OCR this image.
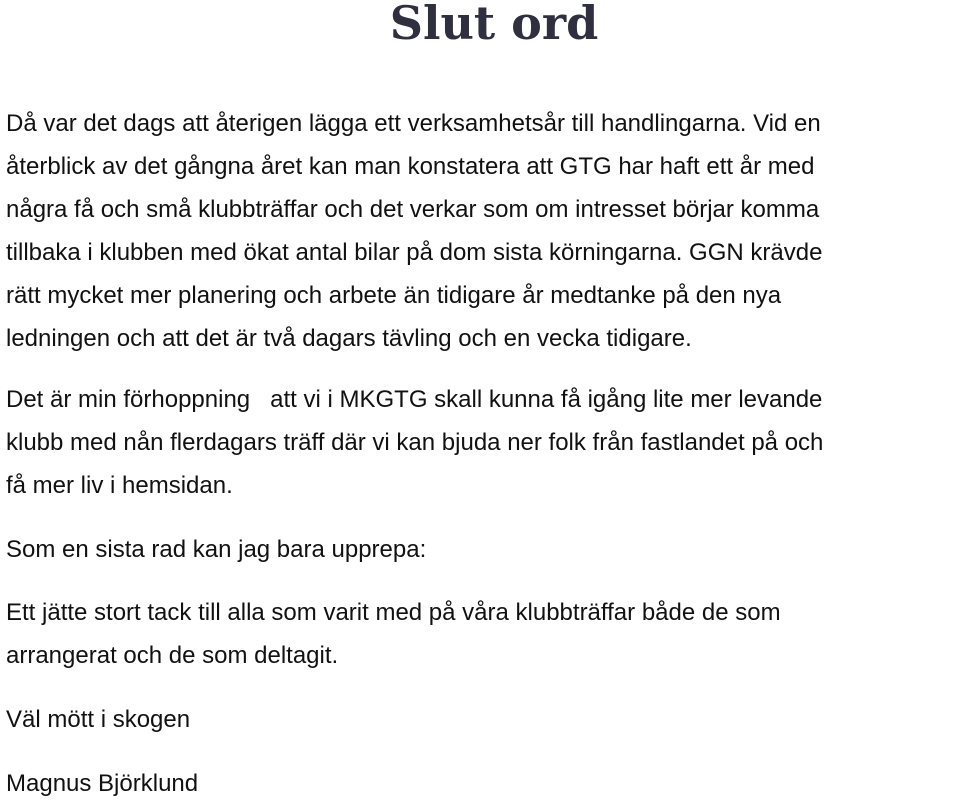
Slut ord

Då var det dags att återigen lägga ett verksamhetsår till handlingarna. Vid en
återblick av det gångna året kan man konstatera att GTG har haft ett år med
några få och små klubbträffar och det verkar som om intresset börjar komma
tillbaka i klubben med ökat antal bilar på dom sista körningarna. GGN krävde
rätt mycket mer planering och arbete än tidigare år medtanke på den nya
ledningen och att det är två dagars tävling och en vecka tidigare.

Det är min förhoppning   att vi i MKGTG skall kunna få igång lite mer levande
klubb med nån flerdagars träff där vi kan bjuda ner folk från fastlandet på och
få mer liv i hemsidan.

Som en sista rad kan jag bara upprepa:

Ett jätte stort tack till alla som varit med på våra klubbträffar både de som
arrangerat och de som deltagit.

Väl mött i skogen

Magnus Björklund
